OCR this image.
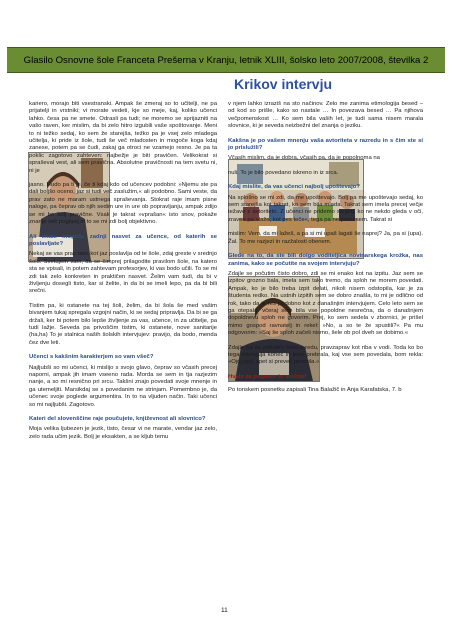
Glasilo Osnovne šole Franceta Prešerna v Kranju, letnik XLIII, šolsko leto 2007/2008, številka 2
Krikov intervju

kariero, morajo biti vsestranski. Ampak še zmeraj so to učitelji, ne pa prijatelji in vrstniki; vi morate vedeti, kje so meje, kaj, koliko učenci lahko. česa pa ne smete. Odrasli pa tudi; ne moremo se sprijazniti na vašo raven, ker mislim, da bi zelo hitro izgubili vaše spoštovanje. Meni to ni težko sedaj, ko sem že starejša, težko pa je vsej zelo mladega učitelja, ki pride iz šole, tudi še več mladosten in mogoče koga kdaj zanese, potem pa se čudi, zakaj ga otroci ne vzamejo resno. Je pa ta poklic zagotovo zahteven: najbežje je biti pravičen. Velikokrat si spraševal vest, ali sem pravična. Absolutne pravičnosti na tem svetu ni, ni je

jasno. Hudo pa ti je, če ti kdaj kdo od učencev podobni: »Njemu ste pa dali boljšo oceno, jaz si tudi več zaslužim,« ali podobno. Sami veste, da prav zato ne maram ustnega spraševanja. Stokrat raje imam pisne naloge, pa čeprav ob njih sedim ure in ure ob popravljanju, ampak zdijo se mi bo bolj pravične. Vsak je takrat »vprašan« isto snov, pokaže znanje več poglavij in to se mi zdi bolj objektivno.

Ali imate mogoče zadnji nasvet za učence, od katerih se poslavljate?

Nekaj se vas prav tako kot jaz poslavlja od te šole, zdaj greste v srednjo šolo. Svetujem vam, da se čimprej prilagodite pravilom šole, na katero sta se vpisali, in potem zahtevam profesorjev, ki vas bodo učili. To se mi zdi tak zelo konkreten in praktičen nasvet. Želim vam tudi, da bi v življenju dosegli tisto, kar si želite, in da bi se imeli lepo, pa da bi bili srečni.

Tistim pa, ki ostanete na tej šoli, želim, da bi šola še med vašim bivanjem tukaj spregala vzgojni način, ki se sedaj pripravlja. Da bi se ga držali, ker bi potem bilo lepše življenje za vas, učence, in za učitelje, pa tudi lažje. Seveda pa privoščim tistim, ki ostanete, nove sanitarije (ha,ha) To je stalnica naših šolskih intervjujev: pravijo, da bodo, menda čez dve leti.

Učenci s kakšnim karakterjem so vam všeč?

Najljubši so mi učenci, ki mislijo s svojo glavo, čeprav so včasih precej naporni, ampak jih imam vseeno rada. Morda se sem in tja razjezim nanje, a so mi resnično pri srcu. Takšni znajo povedati svoje mnenje in ga utemeljiti. Marsikdaj se s povedanim ne strinjam. Pomembno je, da učenec svoje poglede argumentira. In to na vljuden način. Taki učenci so mi najljubši. Zagotovo.

Kateri del slovenščine raje poučujete, književnost ali slovnico?

Moja velika ljubezen je jezik, tisto, česar vi ne marate, vendar jaz zelo, zelo rada učim jezik. Bolj je eksakten, a se kljub temu

v njem lahko izraziš na sto načinov. Zelo me zanima etimologija besed – od kod so prišle, kako so nastale … In povezava besed … Pa njihova večpomenskost … Ko sem bila vaših let, je tudi sama nisem marala slovnice, ki je seveda neizbežni del znanja o jeziku.

Kakšna je po vašem mnenju vaša avtoriteta v razredu in s čim ste si jo prislužili?

Včasih mislim, da je dobra, včasih pa, da je popolnoma na

nuli. To je bilo povedano iskreno in iz srca.

Kdaj mislite, da vas učenci najbolj upoštevajo?

Na splošno se mi zdi, da me upoštevajo. Bolj pa me upoštevajo sedaj, ko sem starejša kot takrat, ko sem bila mlada. Takrat sem imela precej večje težave z avtoriteto. Z učenci ne pridemo skupaj, ko ne nekdo gleda v oči, zraven pa »laže, kot pes teče«, tega pa ne prenesem. Takrat si

mislim: Vem, da mi lažeš, a pa si mi upaš lagati še naprej? Ja, pa si (upa). Žal. To me razjezi in razžalosti obenem.

Glede na to, da ste bili dolgo voditeljica novinarskega krožka, nas zanima, kako se počutite na svojem intervjuju?

Zdajle se počutim čisto dobro, zdi se mi enako kot na izpitu. Jaz sem se izpitov grozno bala, imela sem tako tremo, da sploh ne morem povedati. Ampak, ko je bilo treba izpit delati, nikoli nisem odstopila, kar je za študenta redko. Na ustnih izpitih sem se dobro znašla, to mi je odlično od rok, tako da je res podobno kot z današnjim intervjujem. Celo leto sem se ga otepala, včeraj sem bila vse popoldne nesrečna, da o današnjem dopoldnevu sploh ne govorim. Prej, ko sem sedela v zbornici, je prišel mimo gospod ravnatelj in rekel: »No, a so te že spustili?« Pa mu odgovorim: »Saj še sploh začeli nismo, šele ob pol dveh se dobimo.«

Zdajle pa se počutim čisto v redu, pravzaprav kot riba v vodi. Toda ko bo tega intervjuja konec in bom prebrala, kaj vse sem povedala, bom rekla: »Ojoj,ojoj, spet si preveč govorila.«

Hvala za pogovor in srečno!

Po tonskem posnetku zapisali Tina Balažič in Anja Karafatska, 7. b

11
